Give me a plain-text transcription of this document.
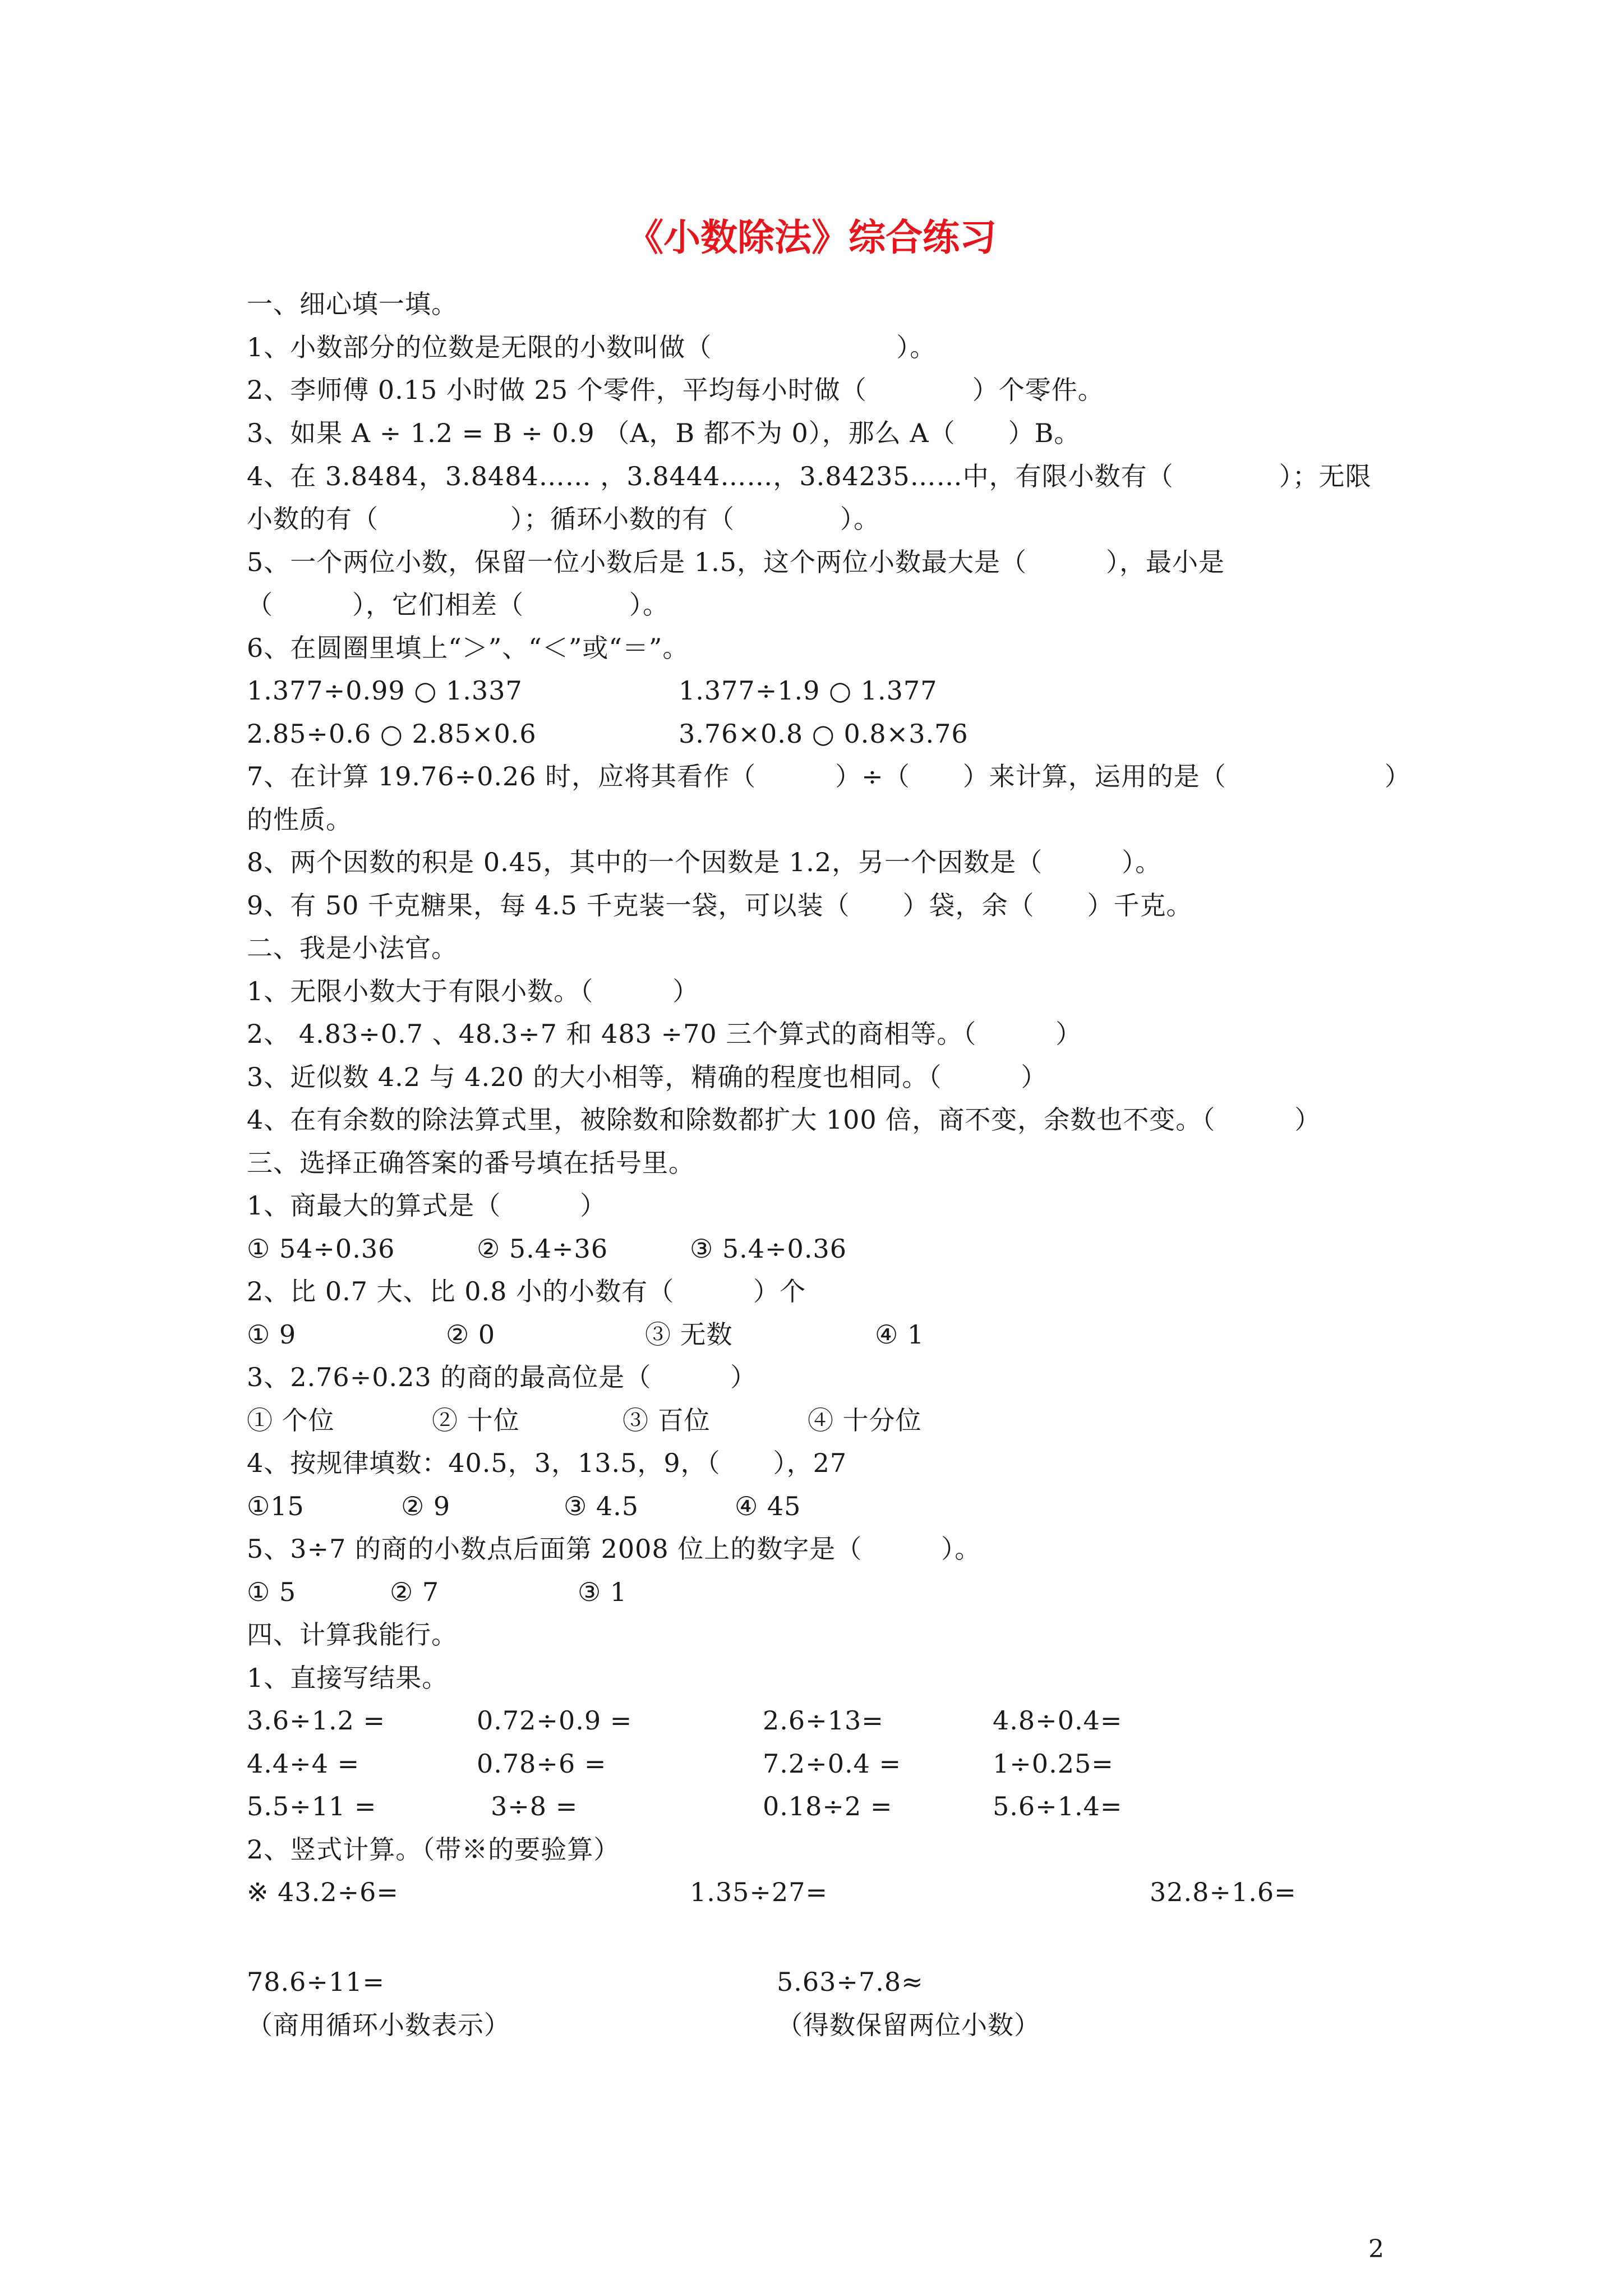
《小数除法》综合练习
一、细心填一填。
1、小数部分的位数是无限的小数叫做（　　　　　　　）。
2、李师傅 0.15 小时做 25 个零件，平均每小时做（　　　　）个零件。
3、如果 A ÷ 1.2 = B ÷ 0.9 （A，B 都不为 0），那么 A（　　）B。
4、在 3.8484，3.8484…… ，3.8444……，3.84235……中，有限小数有（　　　　）；无限
小数的有（　　　　　）；循环小数的有（　　　　）。
5、一个两位小数，保留一位小数后是 1.5，这个两位小数最大是（　　　），最小是
（　　　），它们相差（　　　　）。
6、在圆圈里填上“＞”、“＜”或“＝”。
1.377÷0.99 ○ 1.337	1.377÷1.9 ○ 1.377
2.85÷0.6 ○ 2.85×0.6	3.76×0.8 ○ 0.8×3.76
7、在计算 19.76÷0.26 时，应将其看作（　　　）÷（　　）来计算，运用的是（　　　　　　）
的性质。
8、两个因数的积是 0.45，其中的一个因数是 1.2，另一个因数是（　　　）。
9、有 50 千克糖果，每 4.5 千克装一袋，可以装（　　）袋，余（　　）千克。
二、我是小法官。
1、无限小数大于有限小数。（　　　）
2、 4.83÷0.7 、48.3÷7 和 483 ÷70 三个算式的商相等。（　　　）
3、近似数 4.2 与 4.20 的大小相等，精确的程度也相同。（　　　）
4、在有余数的除法算式里，被除数和除数都扩大 100 倍，商不变，余数也不变。（　　　）
三、选择正确答案的番号填在括号里。
1、商最大的算式是（　　　）
① 54÷0.36	② 5.4÷36	③ 5.4÷0.36
2、比 0.7 大、比 0.8 小的小数有（　　　）个
① 9	② 0	③ 无数	④ 1
3、2.76÷0.23 的商的最高位是（　　　）
① 个位	② 十位	③ 百位	④ 十分位
4、按规律填数：40.5，3，13.5，9，（　　），27
①15	② 9	③ 4.5	④ 45
5、3÷7 的商的小数点后面第 2008 位上的数字是（　　　）。
① 5	② 7	③ 1
四、计算我能行。
1、直接写结果。
3.6÷1.2 =	0.72÷0.9 =	2.6÷13=	4.8÷0.4=
4.4÷4 =	0.78÷6 =	7.2÷0.4 =	1÷0.25=
5.5÷11 =	3÷8 =	0.18÷2 =	5.6÷1.4=
2、竖式计算。（带※的要验算）
※ 43.2÷6=	1.35÷27=	32.8÷1.6=
78.6÷11=	5.63÷7.8≈
（商用循环小数表示）	（得数保留两位小数）
2
